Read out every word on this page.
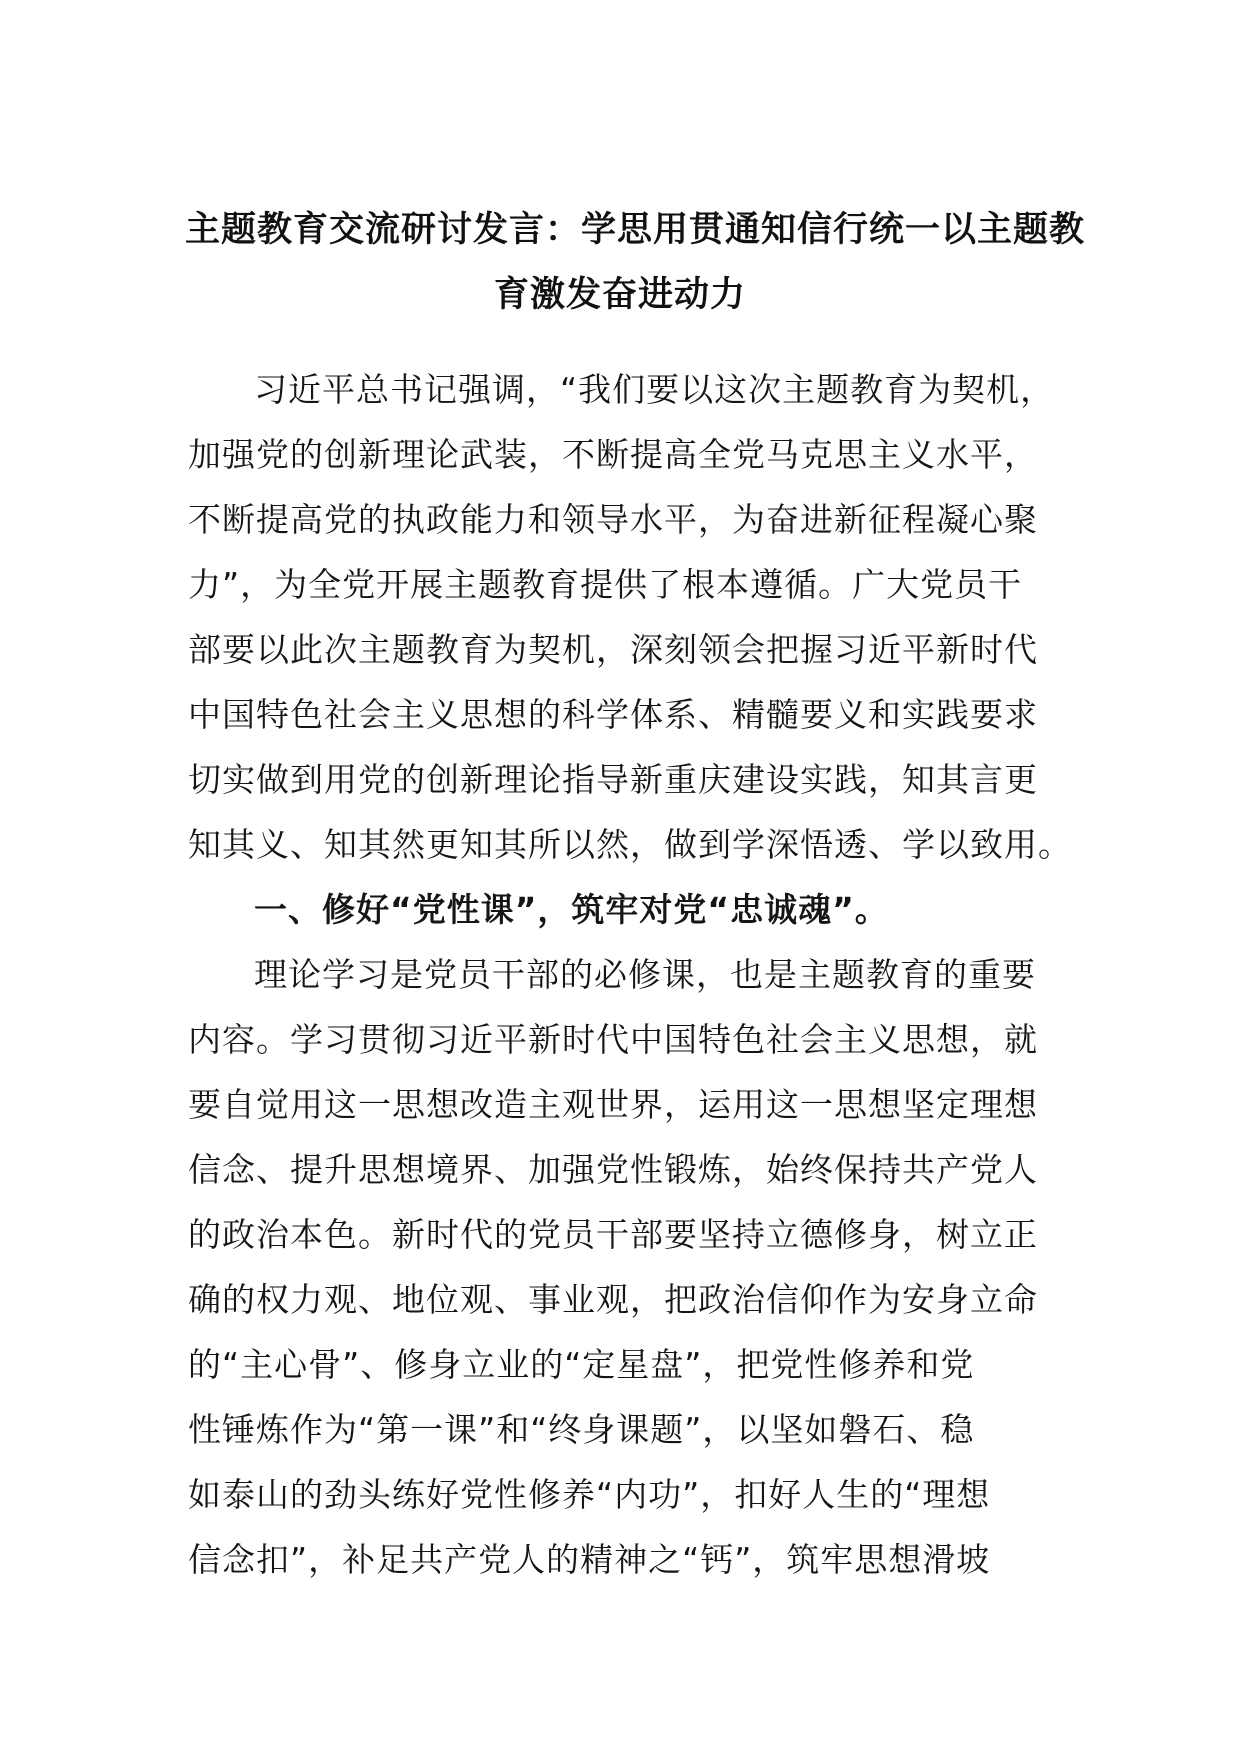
主题教育交流研讨发言：学思用贯通知信行统一以主题教
育激发奋进动力
习近平总书记强调，“我们要以这次主题教育为契机，
加强党的创新理论武装，不断提高全党马克思主义水平，
不断提高党的执政能力和领导水平，为奋进新征程凝心聚
力”，为全党开展主题教育提供了根本遵循。广大党员干
部要以此次主题教育为契机，深刻领会把握习近平新时代
中国特色社会主义思想的科学体系、精髓要义和实践要求
切实做到用党的创新理论指导新重庆建设实践，知其言更
知其义、知其然更知其所以然，做到学深悟透、学以致用。
一、修好“党性课”，筑牢对党“忠诚魂”。
理论学习是党员干部的必修课，也是主题教育的重要
内容。学习贯彻习近平新时代中国特色社会主义思想，就
要自觉用这一思想改造主观世界，运用这一思想坚定理想
信念、提升思想境界、加强党性锻炼，始终保持共产党人
的政治本色。新时代的党员干部要坚持立德修身，树立正
确的权力观、地位观、事业观，把政治信仰作为安身立命
的“主心骨”、修身立业的“定星盘”，把党性修养和党
性锤炼作为“第一课”和“终身课题”，以坚如磐石、稳
如泰山的劲头练好党性修养“内功”，扣好人生的“理想
信念扣”，补足共产党人的精神之“钙”，筑牢思想滑坡
